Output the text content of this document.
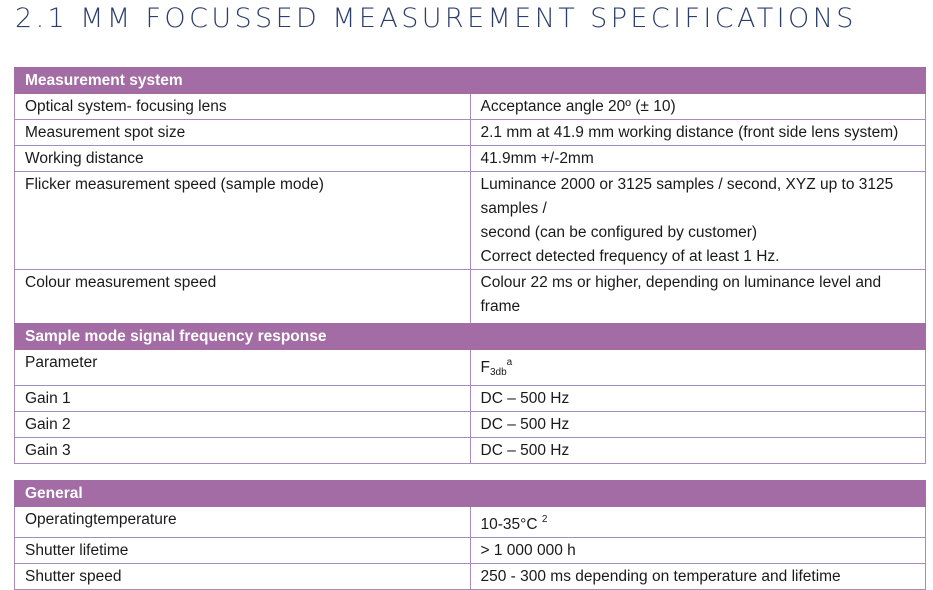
2.1 MM FOCUSSED MEASUREMENT SPECIFICATIONS
Measurement system	
Optical system- focusing lens	Acceptance angle 20º (± 10)
Measurement spot size	2.1 mm at 41.9 mm working distance (front side lens system)
Working distance	41.9mm +/-2mm
Flicker measurement speed (sample mode)	Luminance 2000 or 3125 samples / second, XYZ up to 3125 samples /
second (can be configured by customer)
Correct detected frequency of at least 1 Hz.

Colour measurement speed	Colour 22 ms or higher, depending on luminance level and frame
Sample mode signal frequency response	
Parameter	$F_{3db}^a$
Gain 1	DC – 500 Hz
Gain 2	DC – 500 Hz
Gain 3	DC – 500 Hz
General	
Operatingtemperature	10-35°C $^2$
Shutter lifetime	> 1 000 000 h
Shutter speed	250 - 300 ms depending on temperature and lifetime
